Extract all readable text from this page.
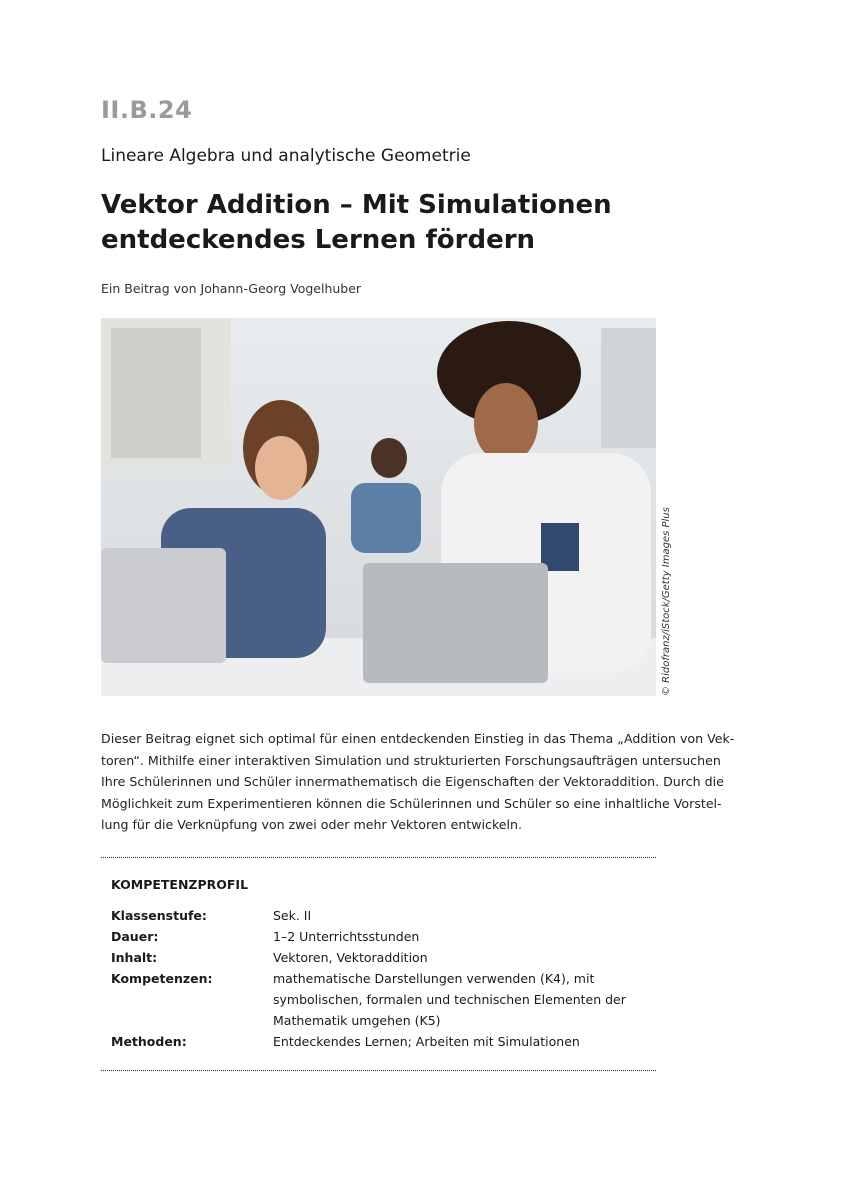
II.B.24
Lineare Algebra und analytische Geometrie
Vektor Addition – Mit Simulationen
entdeckendes Lernen fördern
Ein Beitrag von Johann-Georg Vogelhuber
© Ridofranz/iStock/Getty Images Plus
Dieser Beitrag eignet sich optimal für einen entdeckenden Einstieg in das Thema „Addition von Vek-
toren“. Mithilfe einer interaktiven Simulation und strukturierten Forschungsaufträgen untersuchen
Ihre Schülerinnen und Schüler innermathematisch die Eigenschaften der Vektoraddition. Durch die
Möglichkeit zum Experimentieren können die Schülerinnen und Schüler so eine inhaltliche Vorstel-
lung für die Verknüpfung von zwei oder mehr Vektoren entwickeln.
KOMPETENZPROFIL
Klassenstufe:	Sek. II
Dauer:	1–2 Unterrichtsstunden
Inhalt:	Vektoren, Vektoraddition
Kompetenzen:	mathematische Darstellungen verwenden (K4), mit symbolischen, formalen und technischen Elementen der Mathematik umgehen (K5)
Methoden:	Entdeckendes Lernen; Arbeiten mit Simulationen
